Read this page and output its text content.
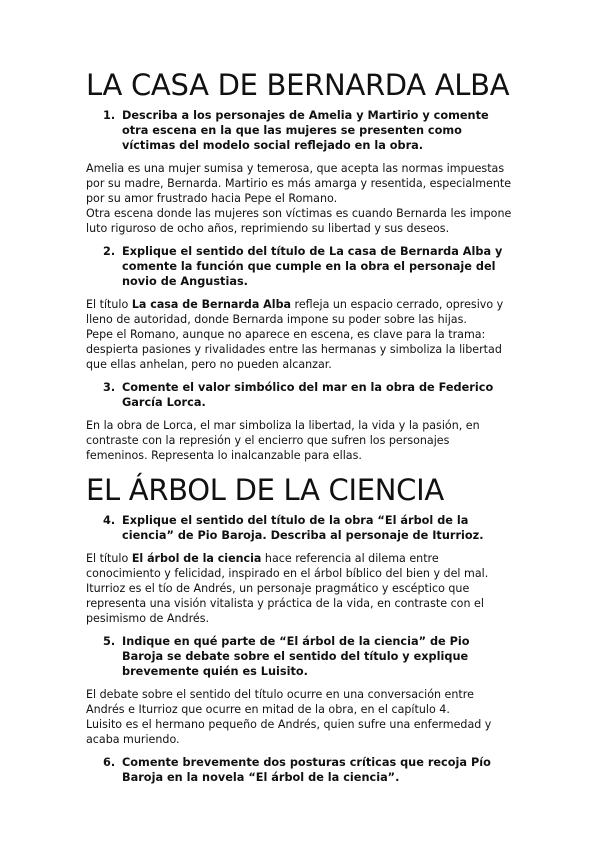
LA CASA DE BERNARDA ALBA
1. Describa a los personajes de Amelia y Martirio y comente otra escena en la que las mujeres se presenten como víctimas del modelo social reflejado en la obra.

Amelia es una mujer sumisa y temerosa, que acepta las normas impuestas por su madre, Bernarda. Martirio es más amarga y resentida, especialmente por su amor frustrado hacia Pepe el Romano.

Otra escena donde las mujeres son víctimas es cuando Bernarda les impone luto riguroso de ocho años, reprimiendo su libertad y sus deseos.

2. Explique el sentido del título de La casa de Bernarda Alba y comente la función que cumple en la obra el personaje del novio de Angustias.

El título La casa de Bernarda Alba refleja un espacio cerrado, opresivo y lleno de autoridad, donde Bernarda impone su poder sobre las hijas.

Pepe el Romano, aunque no aparece en escena, es clave para la trama: despierta pasiones y rivalidades entre las hermanas y simboliza la libertad que ellas anhelan, pero no pueden alcanzar.

3. Comente el valor simbólico del mar en la obra de Federico García Lorca.

En la obra de Lorca, el mar simboliza la libertad, la vida y la pasión, en contraste con la represión y el encierro que sufren los personajes femeninos. Representa lo inalcanzable para ellas.

EL ÁRBOL DE LA CIENCIA
4. Explique el sentido del título de la obra “El árbol de la ciencia” de Pio Baroja. Describa al personaje de Iturrioz.

El título El árbol de la ciencia hace referencia al dilema entre conocimiento y felicidad, inspirado en el árbol bíblico del bien y del mal. Iturrioz es el tío de Andrés, un personaje pragmático y escéptico que representa una visión vitalista y práctica de la vida, en contraste con el pesimismo de Andrés.

5. Indique en qué parte de “El árbol de la ciencia” de Pio Baroja se debate sobre el sentido del título y explique brevemente quién es Luisito.

El debate sobre el sentido del título ocurre en una conversación entre Andrés e Iturrioz que ocurre en mitad de la obra, en el capítulo 4.

Luisito es el hermano pequeño de Andrés, quien sufre una enfermedad y acaba muriendo.

6. Comente brevemente dos posturas críticas que recoja Pío Baroja en la novela “El árbol de la ciencia”.
